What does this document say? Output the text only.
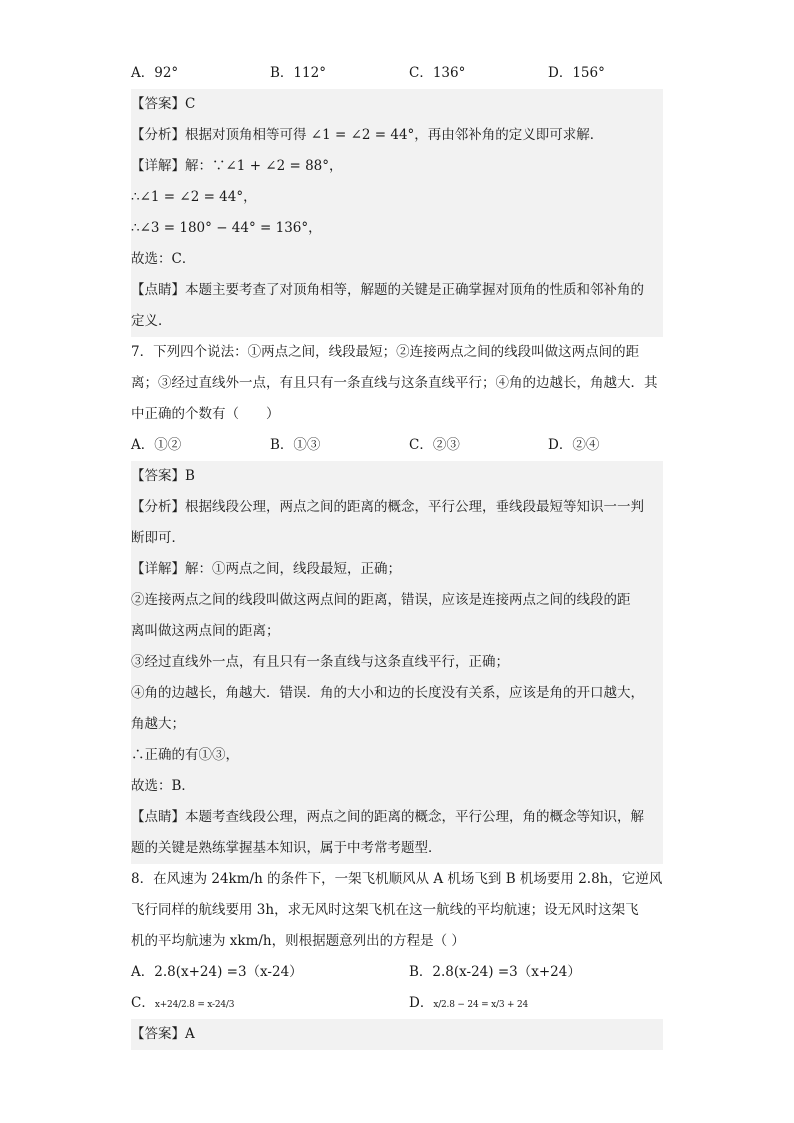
A．92°	B．112°	C．136°	D．156°
【答案】C
【分析】根据对顶角相等可得 ∠1 = ∠2 = 44°，再由邻补角的定义即可求解．
【详解】解：∵∠1 + ∠2 = 88°，
∴∠1 = ∠2 = 44°，
∴∠3 = 180° − 44° = 136°，
故选：C．
【点睛】本题主要考查了对顶角相等，解题的关键是正确掌握对顶角的性质和邻补角的
定义．
7．下列四个说法：①两点之间，线段最短；②连接两点之间的线段叫做这两点间的距
离；③经过直线外一点，有且只有一条直线与这条直线平行；④角的边越长，角越大．其
中正确的个数有（　　）
A．①②	B．①③	C．②③	D．②④
【答案】B
【分析】根据线段公理，两点之间的距离的概念，平行公理，垂线段最短等知识一一判
断即可．
【详解】解：①两点之间，线段最短，正确；
②连接两点之间的线段叫做这两点间的距离，错误，应该是连接两点之间的线段的距
离叫做这两点间的距离；
③经过直线外一点，有且只有一条直线与这条直线平行，正确；
④角的边越长，角越大．错误．角的大小和边的长度没有关系，应该是角的开口越大，
角越大；
∴正确的有①③，
故选：B．
【点睛】本题考查线段公理，两点之间的距离的概念，平行公理，角的概念等知识，解
题的关键是熟练掌握基本知识，属于中考常考题型．
8．在风速为 24km/h 的条件下，一架飞机顺风从 A 机场飞到 B 机场要用 2.8h，它逆风
飞行同样的航线要用 3h，求无风时这架飞机在这一航线的平均航速；设无风时这架飞
机的平均航速为 xkm/h，则根据题意列出的方程是（ ）
A．2.8(x+24) =3（x-24）	B．2.8(x-24) =3（x+24）
C．x+24/2.8 = x-24/3	D．x/2.8 − 24 = x/3 + 24
【答案】A
